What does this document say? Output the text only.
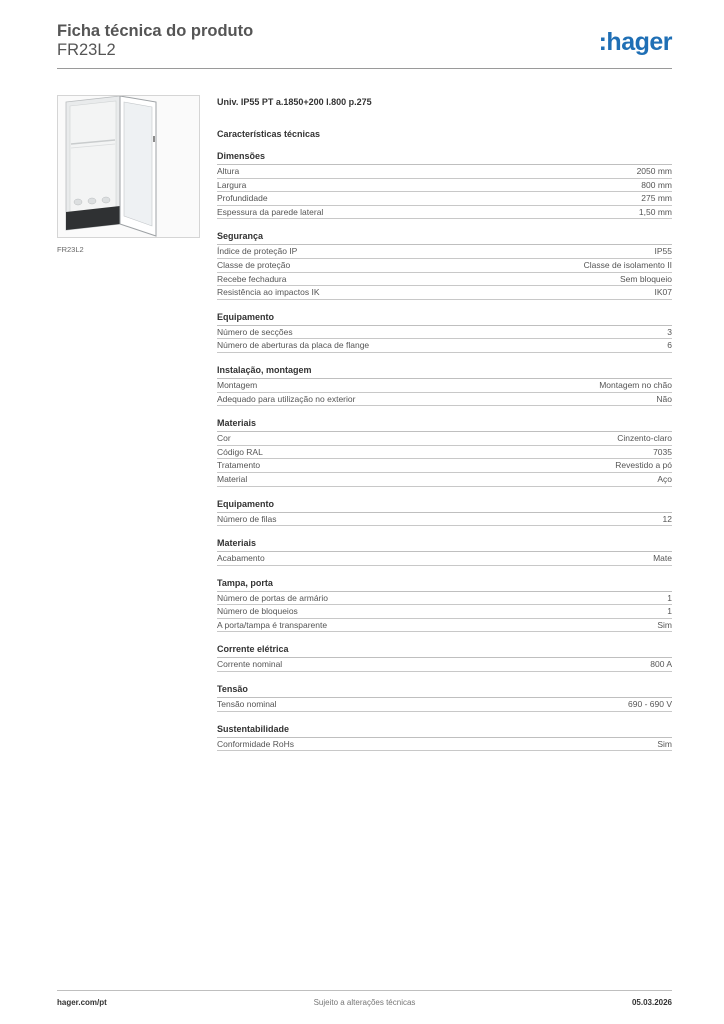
Ficha técnica do produto
FR23L2	:hager
FR23L2
Univ. IP55 PT a.1850+200 l.800 p.275
Características técnicas
Dimensões
Altura	2050 mm
Largura	800 mm
Profundidade	275 mm
Espessura da parede lateral	1,50 mm
Segurança
Índice de proteção IP	IP55
Classe de proteção	Classe de isolamento II
Recebe fechadura	Sem bloqueio
Resistência ao impactos IK	IK07
Equipamento
Número de secções	3
Número de aberturas da placa de flange	6
Instalação, montagem
Montagem	Montagem no chão
Adequado para utilização no exterior	Não
Materiais
Cor	Cinzento-claro
Código RAL	7035
Tratamento	Revestido a pó
Material	Aço
Equipamento
Número de filas	12
Materiais
Acabamento	Mate
Tampa, porta
Número de portas de armário	1
Número de bloqueios	1
A porta/tampa é transparente	Sim
Corrente elétrica
Corrente nominal	800 A
Tensão
Tensão nominal	690 - 690 V
Sustentabilidade
Conformidade RoHs	Sim
hager.com/pt	Sujeito a alterações técnicas	05.03.2026
